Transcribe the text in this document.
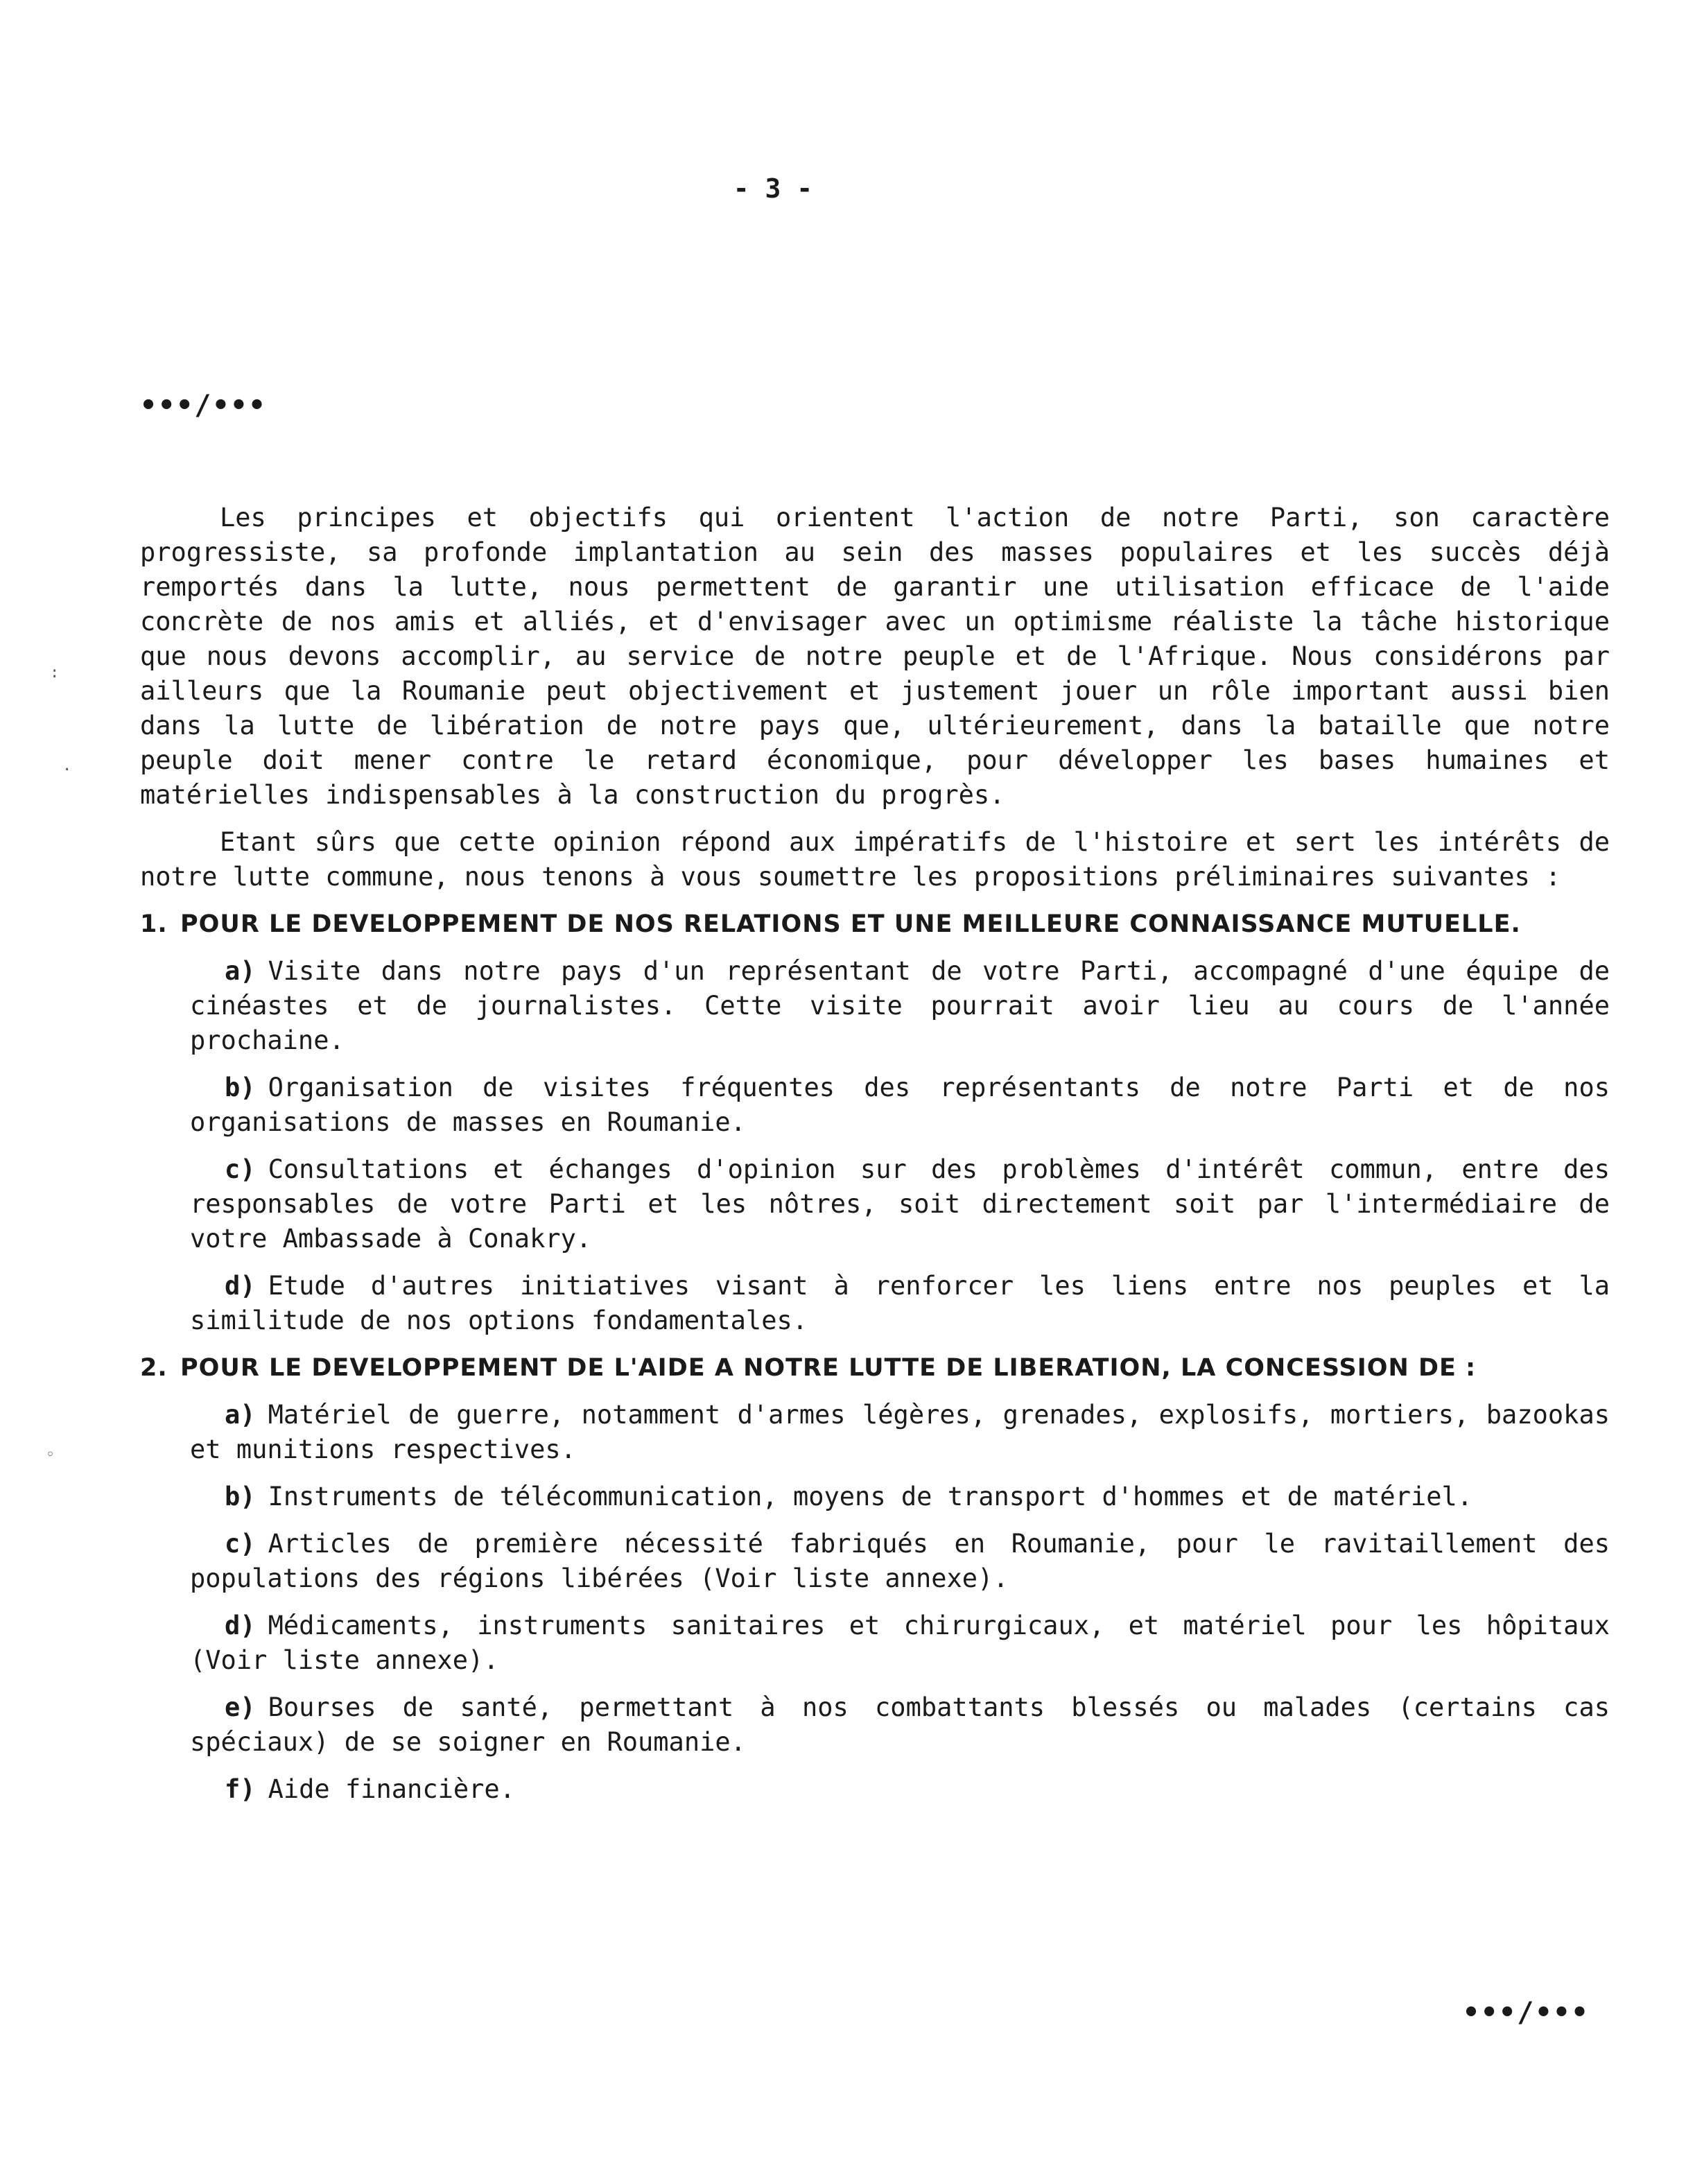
- 3 -
•••/•••
꞉
·
◦

Les principes et objectifs qui orientent l'action de notre Parti, son caractère progressiste, sa profonde implantation au sein des masses populaires et les succès déjà remportés dans la lutte, nous permettent de garantir une utilisation efficace de l'aide concrète de nos amis et alliés, et d'envisager avec un optimisme réaliste la tâche historique que nous devons accomplir, au service de notre peuple et de l'Afrique. Nous considérons par ailleurs que la Roumanie peut objectivement et justement jouer un rôle important aussi bien dans la lutte de libération de notre pays que, ultérieurement, dans la bataille que notre peuple doit mener contre le retard économique, pour développer les bases humaines et matérielles indispensables à la construction du progrès.

Etant sûrs que cette opinion répond aux impératifs de l'histoire et sert les intérêts de notre lutte commune, nous tenons à vous soumettre les propositions préliminaires suivantes :

1. POUR LE DEVELOPPEMENT DE NOS RELATIONS ET UNE MEILLEURE CONNAISSANCE MUTUELLE.
a) Visite dans notre pays d'un représentant de votre Parti, accompagné d'une équipe de cinéastes et de journalistes. Cette visite pourrait avoir lieu au cours de l'année prochaine.
b) Organisation de visites fréquentes des représentants de notre Parti et de nos organisations de masses en Roumanie.
c) Consultations et échanges d'opinion sur des problèmes d'intérêt commun, entre des responsables de votre Parti et les nôtres, soit directement soit par l'intermédiaire de votre Ambassade à Conakry.
d) Etude d'autres initiatives visant à renforcer les liens entre nos peuples et la similitude de nos options fondamentales.
2. POUR LE DEVELOPPEMENT DE L'AIDE A NOTRE LUTTE DE LIBERATION, LA CONCESSION DE :
a) Matériel de guerre, notamment d'armes légères, grenades, explosifs, mortiers, bazookas et munitions respectives.
b) Instruments de télécommunication, moyens de transport d'hommes et de matériel.
c) Articles de première nécessité fabriqués en Roumanie, pour le ravitaillement des populations des régions libérées (Voir liste annexe).
d) Médicaments, instruments sanitaires et chirurgicaux, et matériel pour les hôpitaux (Voir liste annexe).
e) Bourses de santé, permettant à nos combattants blessés ou malades (certains cas spéciaux) de se soigner en Roumanie.
f) Aide financière.
•••/•••
